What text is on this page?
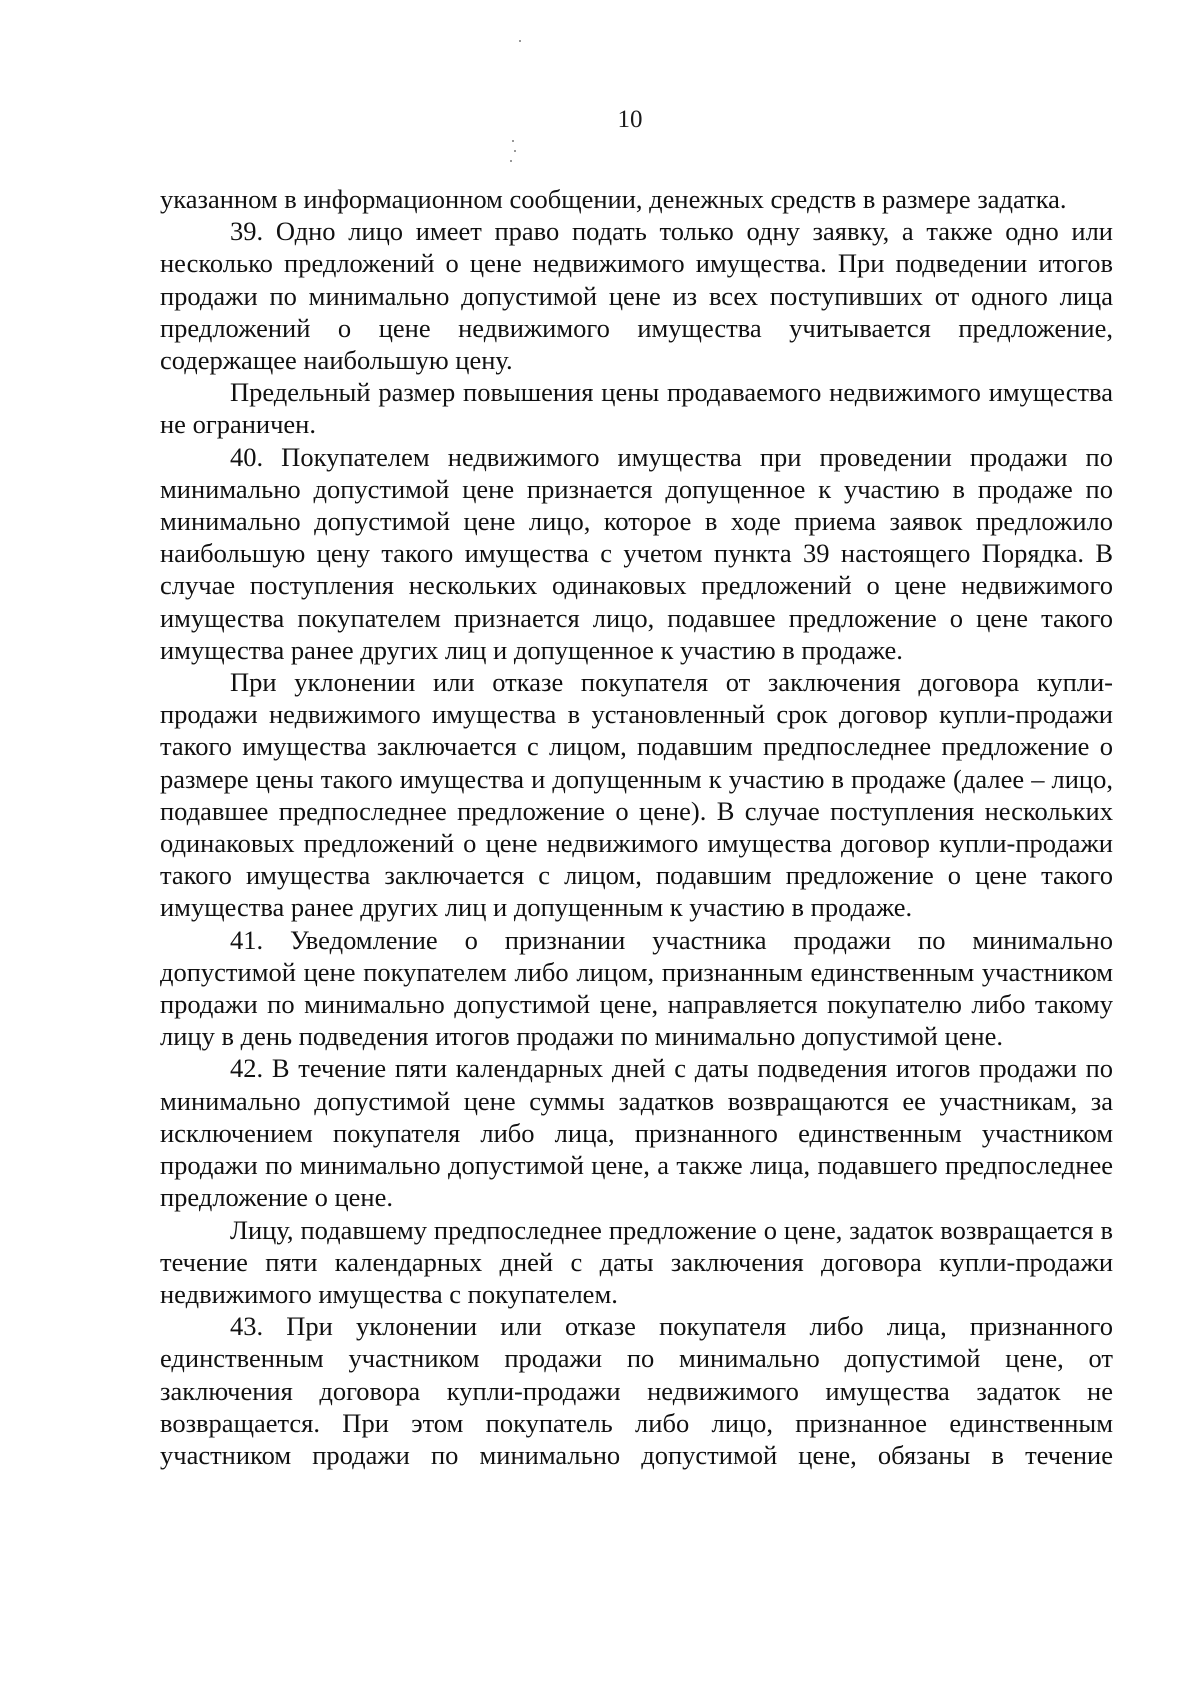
10

указанном в информационном сообщении, денежных средств в размере задатка.

39. Одно лицо имеет право подать только одну заявку, а также одно или несколько предложений о цене недвижимого имущества. При подведении итогов продажи по минимально допустимой цене из всех поступивших от одного лица предложений о цене недвижимого имущества учитывается предложение, содержащее наибольшую цену.

Предельный размер повышения цены продаваемого недвижимого имущества не ограничен.

40. Покупателем недвижимого имущества при проведении продажи по минимально допустимой цене признается допущенное к участию в продаже по минимально допустимой цене лицо, которое в ходе приема заявок предложило наибольшую цену такого имущества с учетом пункта 39 настоящего Порядка. В случае поступления нескольких одинаковых предложений о цене недвижимого имущества покупателем признается лицо, подавшее предложение о цене такого имущества ранее других лиц и допущенное к участию в продаже.

При уклонении или отказе покупателя от заключения договора купли-продажи недвижимого имущества в установленный срок договор купли-продажи такого имущества заключается с лицом, подавшим предпоследнее предложение о размере цены такого имущества и допущенным к участию в продаже (далее – лицо, подавшее предпоследнее предложение о цене). В случае поступления нескольких одинаковых предложений о цене недвижимого имущества договор купли-продажи такого имущества заключается с лицом, подавшим предложение о цене такого имущества ранее других лиц и допущенным к участию в продаже.

41. Уведомление о признании участника продажи по минимально допустимой цене покупателем либо лицом, признанным единственным участником продажи по минимально допустимой цене, направляется покупателю либо такому лицу в день подведения итогов продажи по минимально допустимой цене.

42. В течение пяти календарных дней с даты подведения итогов продажи по минимально допустимой цене суммы задатков возвращаются ее участникам, за исключением покупателя либо лица, признанного единственным участником продажи по минимально допустимой цене, а также лица, подавшего предпоследнее предложение о цене.

Лицу, подавшему предпоследнее предложение о цене, задаток возвращается в течение пяти календарных дней с даты заключения договора купли-продажи недвижимого имущества с покупателем.

43. При уклонении или отказе покупателя либо лица, признанного единственным участником продажи по минимально допустимой цене, от заключения договора купли-продажи недвижимого имущества задаток не возвращается. При этом покупатель либо лицо, признанное единственным участником продажи по минимально допустимой цене, обязаны в течение
